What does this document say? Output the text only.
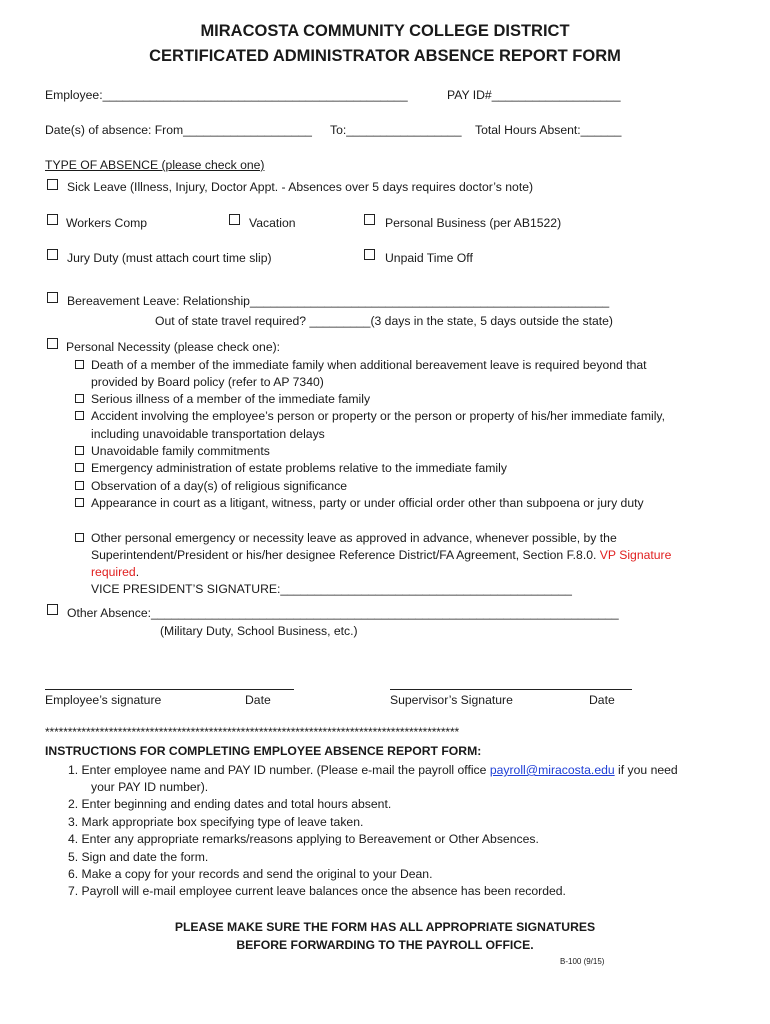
MIRACOSTA COMMUNITY COLLEGE DISTRICT
CERTIFICATED ADMINISTRATOR ABSENCE REPORT FORM
Employee:_____________________________________________	PAY ID#___________________
Date(s) of absence: From___________________ To:_________________ Total Hours Absent:______
TYPE OF ABSENCE (please check one)
Sick Leave (Illness, Injury, Doctor Appt. - Absences over 5 days requires doctor’s note)
Workers Comp	Vacation	Personal Business (per AB1522)
Jury Duty (must attach court time slip)	Unpaid Time Off
Bereavement Leave: Relationship_____________________________________________________
Out of state travel required? _________(3 days in the state, 5 days outside the state)
Personal Necessity (please check one):
Death of a member of the immediate family when additional bereavement leave is required beyond that
provided by Board policy (refer to AP 7340)
Serious illness of a member of the immediate family
Accident involving the employee’s person or property or the person or property of his/her immediate family,
including unavoidable transportation delays
Unavoidable family commitments
Emergency administration of estate problems relative to the immediate family
Observation of a day(s) of religious significance
Appearance in court as a litigant, witness, party or under official order other than subpoena or jury duty
Other personal emergency or necessity leave as approved in advance, whenever possible, by the
Superintendent/President or his/her designee Reference District/FA Agreement, Section F.8.0. VP Signature
required.
VICE PRESIDENT’S SIGNATURE:___________________________________________
Other Absence:_____________________________________________________________________
(Military Duty, School Business, etc.)
Employee’s signature	Date	Supervisor’s Signature	Date
*******************************************************************************************
INSTRUCTIONS FOR COMPLETING EMPLOYEE ABSENCE REPORT FORM:
1. Enter employee name and PAY ID number. (Please e-mail the payroll office payroll@miracosta.edu if you need
your PAY ID number).
2. Enter beginning and ending dates and total hours absent.
3. Mark appropriate box specifying type of leave taken.
4. Enter any appropriate remarks/reasons applying to Bereavement or Other Absences.
5. Sign and date the form.
6. Make a copy for your records and send the original to your Dean.
7. Payroll will e-mail employee current leave balances once the absence has been recorded.
PLEASE MAKE SURE THE FORM HAS ALL APPROPRIATE SIGNATURES
BEFORE FORWARDING TO THE PAYROLL OFFICE.
B-100 (9/15)
